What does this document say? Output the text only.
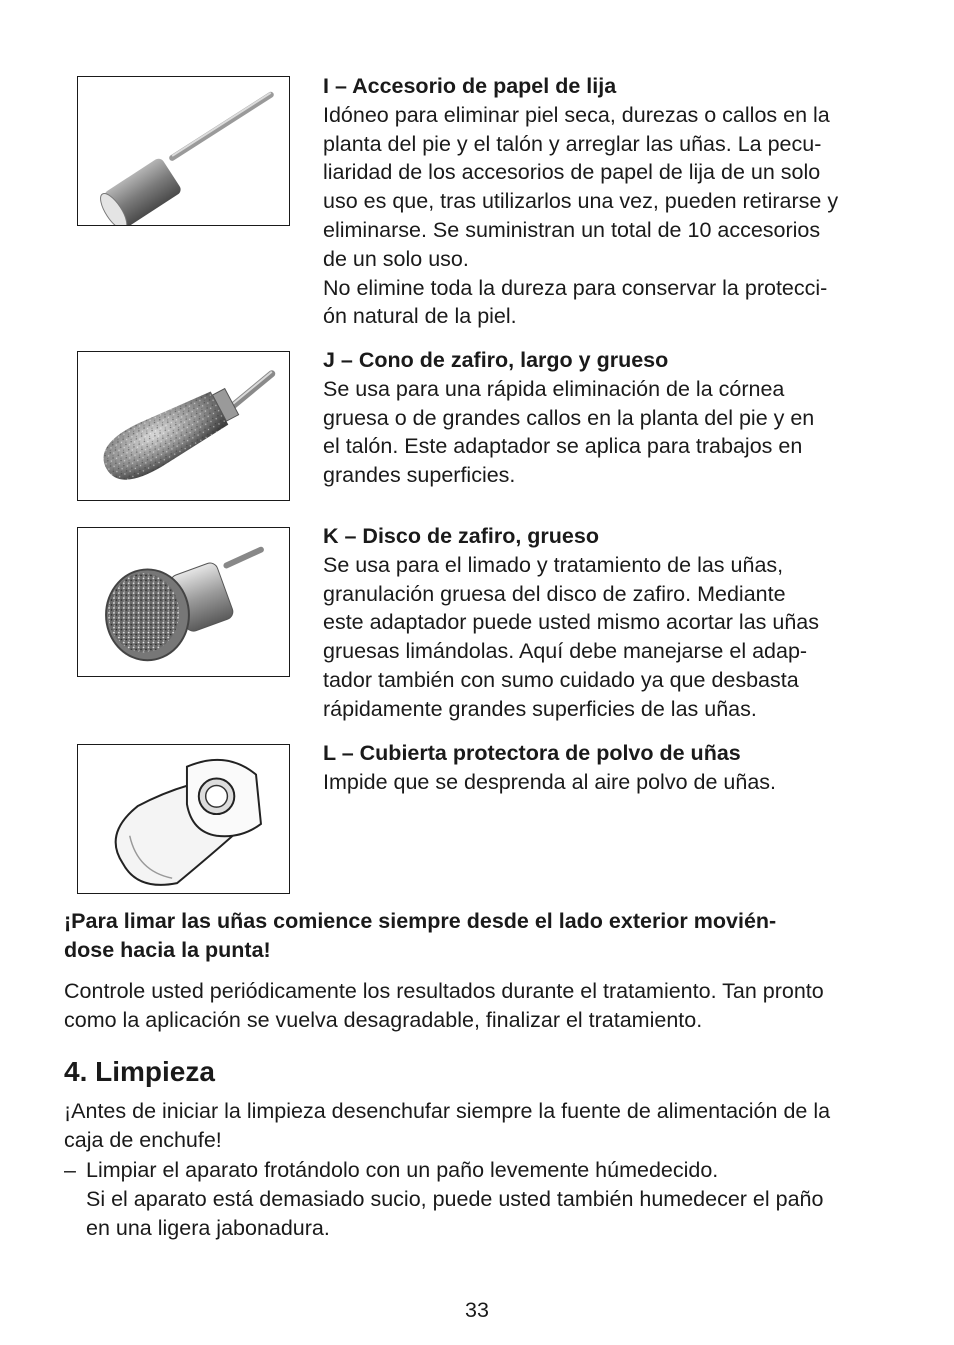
I – Accesorio de papel de lija
Idóneo para eliminar piel seca, durezas o callos en la
planta del pie y el talón y arreglar las uñas. La pecu-
liaridad de los accesorios de papel de lija de un solo
uso es que, tras utilizarlos una vez, pueden retirarse y
eliminarse. Se suministran un total de 10 accesorios
de un solo uso.
No elimine toda la dureza para conservar la protecci-
ón natural de la piel.
J – Cono de zafiro, largo y grueso
Se usa para una rápida eliminación de la córnea
gruesa o de grandes callos en la planta del pie y en
el talón. Este adaptador se aplica para trabajos en
grandes superficies.
K – Disco de zafiro, grueso
Se usa para el limado y tratamiento de las uñas,
granulación gruesa del disco de zafiro. Mediante
este adaptador puede usted mismo acortar las uñas
gruesas limándolas. Aquí debe manejarse el adap-
tador también con sumo cuidado ya que desbasta
rápidamente grandes superficies de las uñas.
L – Cubierta protectora de polvo de uñas
Impide que se desprenda al aire polvo de uñas.
¡Para limar las uñas comience siempre desde el lado exterior movién-
dose hacia la punta!
Controle usted periódicamente los resultados durante el tratamiento. Tan pronto
como la aplicación se vuelva desagradable, finalizar el tratamiento.
4. Limpieza
¡Antes de iniciar la limpieza desenchufar siempre la fuente de alimentación de la
caja de enchufe!
– Limpiar el aparato frotándolo con un paño levemente húmedecido.
Si el aparato está demasiado sucio, puede usted también humedecer el paño
en una ligera jabonadura.
33
